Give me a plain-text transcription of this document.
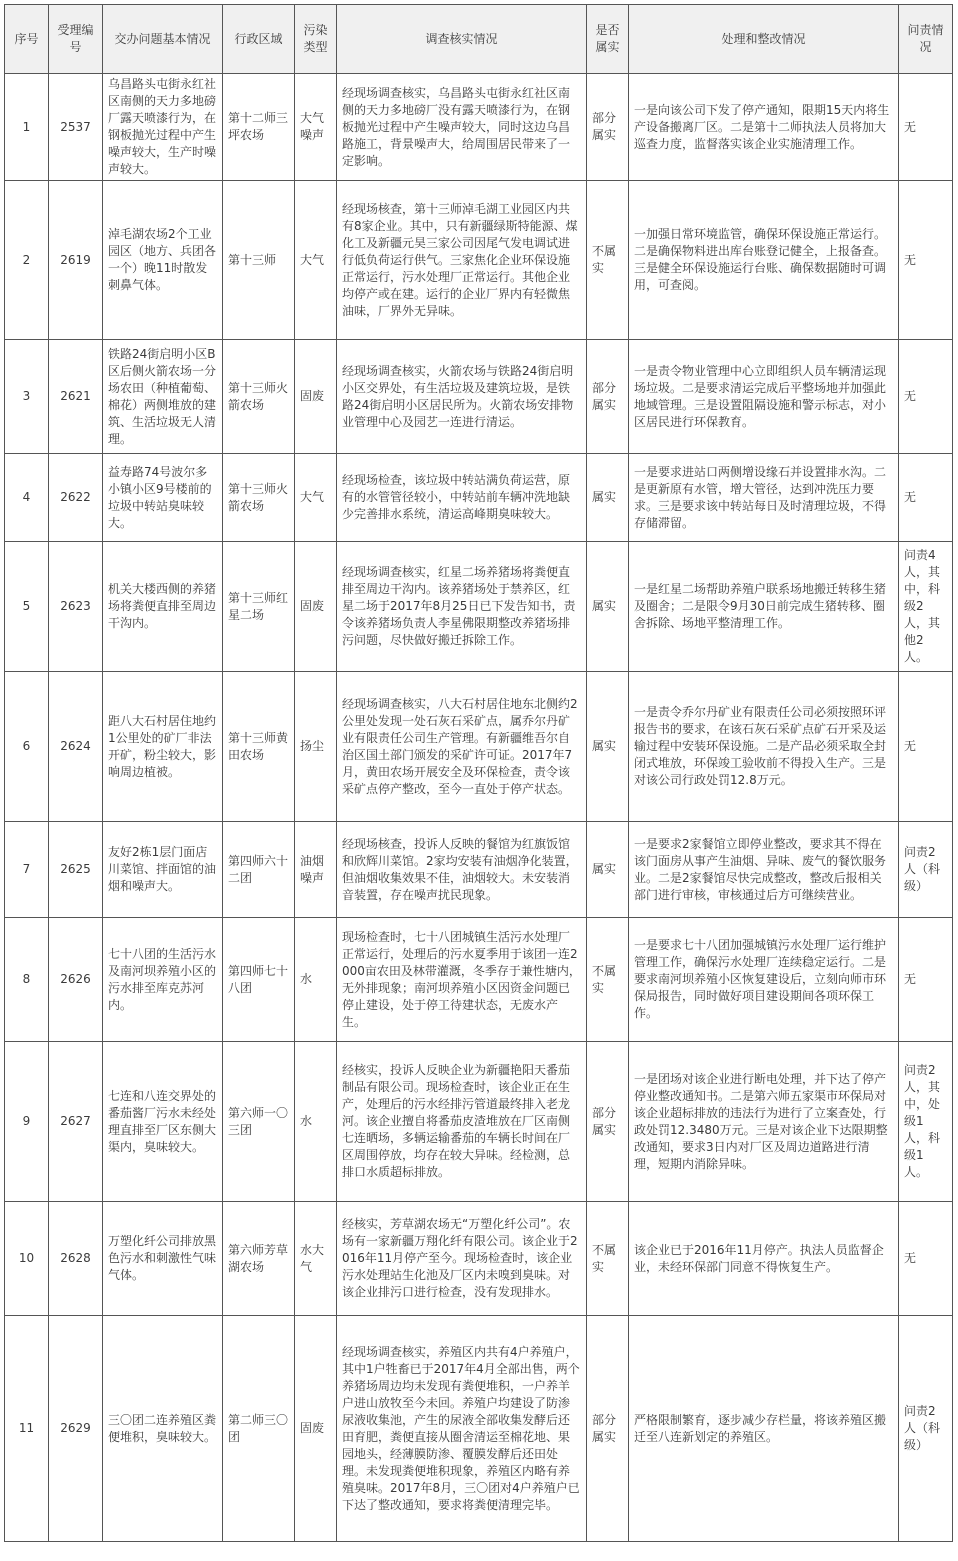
序号	受理编号	交办问题基本情况	行政区域	污染类型	调查核实情况	是否属实	处理和整改情况	问责情况
1	2537	乌昌路头屯街永红社区南侧的天力多地磅厂露天喷漆行为，在钢板抛光过程中产生噪声较大，生产时噪声较大。	第十二师三坪农场	大气噪声	经现场调查核实，乌昌路头屯街永红社区南侧的天力多地磅厂没有露天喷漆行为，在钢板抛光过程中产生噪声较大，同时这边乌昌路施工，背景噪声大，给周围居民带来了一定影响。	部分属实	一是向该公司下发了停产通知，限期15天内将生产设备搬离厂区。二是第十二师执法人员将加大巡查力度，监督落实该企业实施清理工作。	无
2	2619	淖毛湖农场2个工业园区（地方、兵团各一个）晚11时散发刺鼻气体。	第十三师	大气	经现场核查，第十三师淖毛湖工业园区内共有8家企业。其中，只有新疆绿斯特能源、煤化工及新疆元昊三家公司因尾气发电调试进行低负荷运行供气。三家焦化企业环保设施正常运行，污水处理厂正常运行。其他企业均停产或在建。运行的企业厂界内有轻微焦油味，厂界外无异味。	不属实	一加强日常环境监管，确保环保设施正常运行。二是确保物料进出库台账登记健全，上报备查。三是健全环保设施运行台账、确保数据随时可调用，可查阅。	无
3	2621	铁路24街启明小区B区后侧火箭农场一分场农田（种植葡萄、棉花）两侧堆放的建筑、生活垃圾无人清理。	第十三师火箭农场	固废	经现场调查核实，火箭农场与铁路24街启明小区交界处，有生活垃圾及建筑垃圾，是铁路24街启明小区居民所为。火箭农场安排物业管理中心及园艺一连进行清运。	部分属实	一是责令物业管理中心立即组织人员车辆清运现场垃圾。二是要求清运完成后平整场地并加强此地域管理。三是设置阻隔设施和警示标志，对小区居民进行环保教育。	无
4	2622	益寿路74号波尔多小镇小区9号楼前的垃圾中转站臭味较大。	第十三师火箭农场	大气	经现场检查，该垃圾中转站满负荷运营，原有的水管管径较小，中转站前车辆冲洗地缺少完善排水系统，清运高峰期臭味较大。	属实	一是要求进站口两侧增设缘石并设置排水沟。二是更新原有水管，增大管径，达到冲洗压力要求。三是要求该中转站每日及时清理垃圾，不得存储滞留。	无
5	2623	机关大楼西侧的养猪场将粪便直排至周边干沟内。	第十三师红星二场	固废	经现场调查核实，红星二场养猪场将粪便直排至周边干沟内。该养猪场处于禁养区，红星二场于2017年8月25日已下发告知书，责令该养猪场负责人李星佛限期整改养猪场排污问题，尽快做好搬迁拆除工作。	属实	一是红星二场帮助养殖户联系场地搬迁转移生猪及圈舍；二是限令9月30日前完成生猪转移、圈舍拆除、场地平整清理工作。	问责4人，其中，科级2人，其他2人。
6	2624	距八大石村居住地约1公里处的矿厂非法开矿，粉尘较大，影响周边植被。	第十三师黄田农场	扬尘	经现场调查核实，八大石村居住地东北侧约2公里处发现一处石灰石采矿点，属乔尔丹矿业有限责任公司生产管理。有新疆维吾尔自治区国土部门颁发的采矿许可证。2017年7月，黄田农场开展安全及环保检查，责令该采矿点停产整改，至今一直处于停产状态。	属实	一是责令乔尔丹矿业有限责任公司必须按照环评报告书的要求，在该石灰石采矿点矿石开采及运输过程中安装环保设施。二是产品必须采取全封闭式堆放，环保竣工验收前不得投入生产。三是对该公司行政处罚12.8万元。	无
7	2625	友好2栋1层门面店川菜馆、拌面馆的油烟和噪声大。	第四师六十二团	油烟噪声	经现场核查，投诉人反映的餐馆为红旗饭馆和欣辉川菜馆。2家均安装有油烟净化装置，但油烟收集效果不佳，油烟较大。未安装消音装置，存在噪声扰民现象。	属实	一是要求2家餐馆立即停业整改，要求其不得在该门面房从事产生油烟、异味、废气的餐饮服务业。二是2家餐馆尽快完成整改，整改后报相关部门进行审核，审核通过后方可继续营业。	问责2人（科级）
8	2626	七十八团的生活污水及南河坝养殖小区的污水排至库克苏河内。	第四师七十八团	水	现场检查时，七十八团城镇生活污水处理厂正常运行，处理后的污水夏季用于该团一连2000亩农田及林带灌溉，冬季存于兼性塘内，无外排现象；南河坝养殖小区因资金问题已停止建设，处于停工待建状态，无废水产生。	不属实	一是要求七十八团加强城镇污水处理厂运行维护管理工作，确保污水处理厂连续稳定运行。二是要求南河坝养殖小区恢复建设后，立刻向师市环保局报告，同时做好项目建设期间各项环保工作。	无
9	2627	七连和八连交界处的番茄酱厂污水未经处理直排至厂区东侧大渠内，臭味较大。	第六师一〇三团	水	经核实，投诉人反映企业为新疆艳阳天番茄制品有限公司。现场检查时，该企业正在生产，处理后的污水经排污管道最终排入老龙河。该企业擅自将番茄皮渣堆放在厂区南侧七连晒场，多辆运输番茄的车辆长时间在厂区周围停放，均存在较大异味。经检测，总排口水质超标排放。	部分属实	一是团场对该企业进行断电处理，并下达了停产停业整改通知书。二是第六师五家渠市环保局对该企业超标排放的违法行为进行了立案查处，行政处罚12.3480万元。三是对该企业下达限期整改通知，要求3日内对厂区及周边道路进行清理，短期内消除异味。	问责2人，其中，处级1人，科级1人。
10	2628	万塑化纤公司排放黑色污水和刺激性气味气体。	第六师芳草湖农场	水大气	经核实，芳草湖农场无“万塑化纤公司”。农场有一家新疆万翔化纤有限公司。该企业于2016年11月停产至今。现场检查时，该企业污水处理站生化池及厂区内未嗅到臭味。对该企业排污口进行检查，没有发现排水。	不属实	该企业已于2016年11月停产。执法人员监督企业，未经环保部门同意不得恢复生产。	无
11	2629	三〇团二连养殖区粪便堆积，臭味较大。	第二师三〇团	固废	经现场调查核实，养殖区内共有4户养殖户，其中1户牲畜已于2017年4月全部出售，两个养猪场周边均未发现有粪便堆积，一户养羊户进山放牧至今未回。养殖户均建设了防渗尿液收集池，产生的尿液全部收集发酵后还田育肥，粪便直接从圈舍清运至棉花地、果园地头，经薄膜防渗、覆膜发酵后还田处理。未发现粪便堆积现象，养殖区内略有养殖臭味。2017年8月，三〇团对4户养殖户已下达了整改通知，要求将粪便清理完毕。	部分属实	严格限制繁育，逐步减少存栏量，将该养殖区搬迁至八连新划定的养殖区。	问责2人（科级）
